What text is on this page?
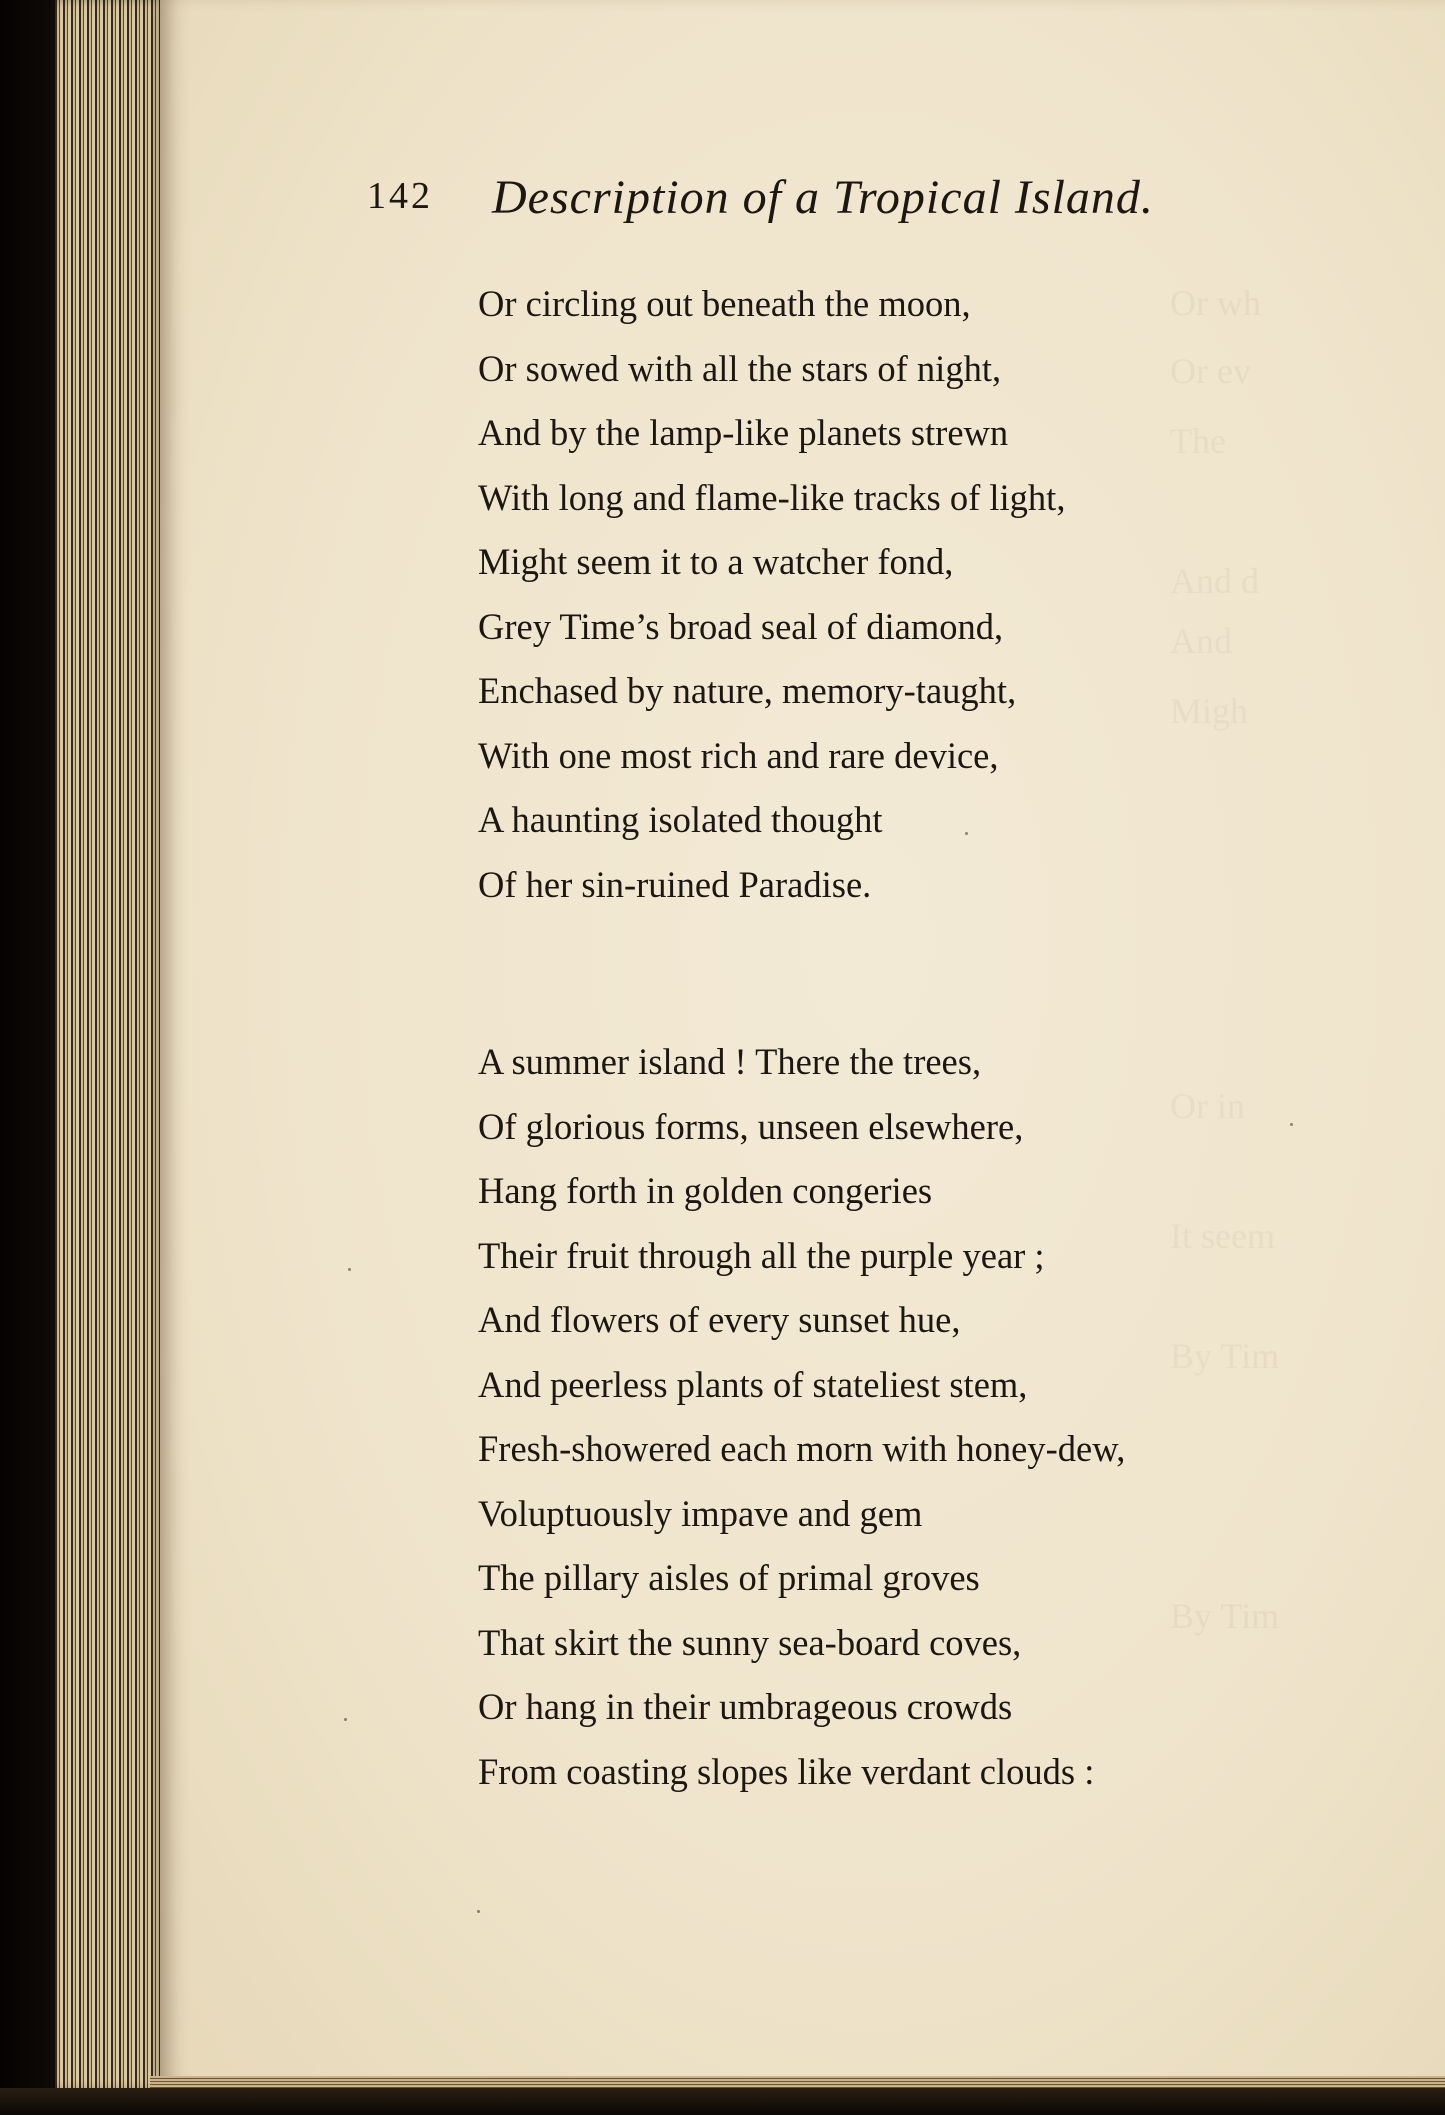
Or wh
Or ev
The
And d
And
Migh
Or in
It seem
By Tim
By Tim
142 Description of a Tropical Island.
Or circling out beneath the moon,
Or sowed with all the stars of night,
And by the lamp-like planets strewn
With long and flame-like tracks of light,
Might seem it to a watcher fond,
Grey Time’s broad seal of diamond,
Enchased by nature, memory-taught,
With one most rich and rare device,
A haunting isolated thought
Of her sin-ruined Paradise.
A summer island ! There the trees,
Of glorious forms, unseen elsewhere,
Hang forth in golden congeries
Their fruit through all the purple year ;
And flowers of every sunset hue,
And peerless plants of stateliest stem,
Fresh-showered each morn with honey-dew,
Voluptuously impave and gem
The pillary aisles of primal groves
That skirt the sunny sea-board coves,
Or hang in their umbrageous crowds
From coasting slopes like verdant clouds :
